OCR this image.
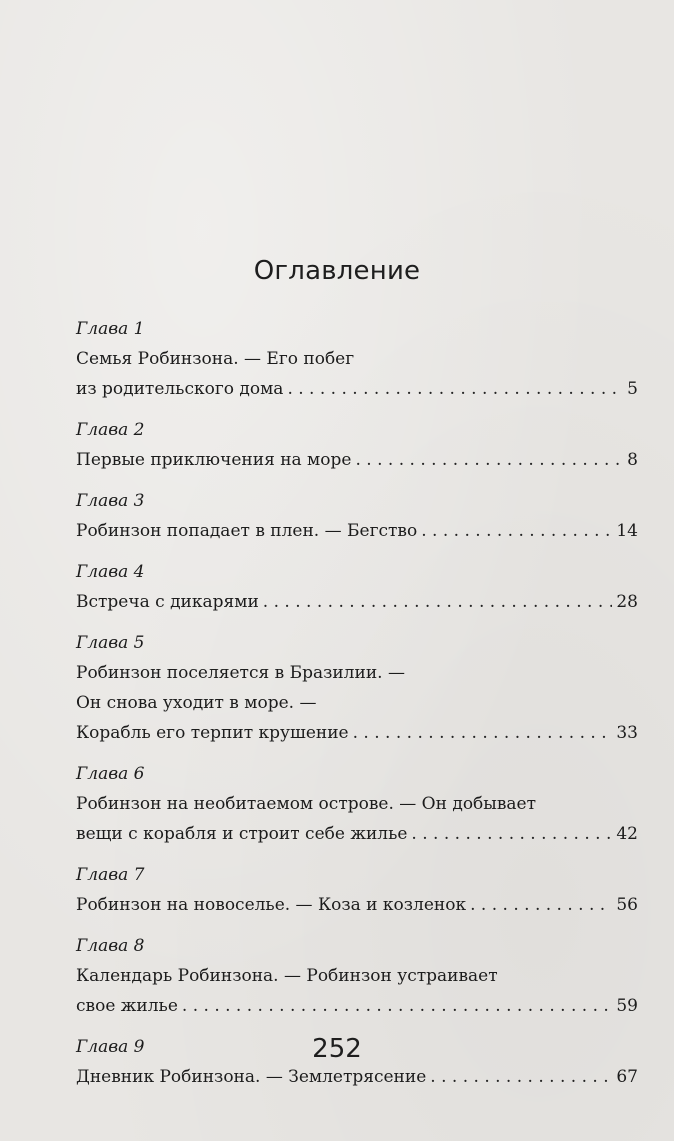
Оглавление
Глава 1
Семья Робинзона. — Его побег
из родительского дома . . .	5
Глава 2
Первые приключения на море . . .	8
Глава 3
Робинзон попадает в плен. — Бегство . . .	14
Глава 4
Встреча с дикарями . . .	28
Глава 5
Робинзон поселяется в Бразилии. —
Он снова уходит в море. —
Корабль его терпит крушение . . .	33
Глава 6
Робинзон на необитаемом острове. — Он добывает
вещи с корабля и строит себе жилье . . .	42
Глава 7
Робинзон на новоселье. — Коза и козленок . . .	56
Глава 8
Календарь Робинзона. — Робинзон устраивает
свое жилье . . .	59
Глава 9
Дневник Робинзона. — Землетрясение . . .	67
252
